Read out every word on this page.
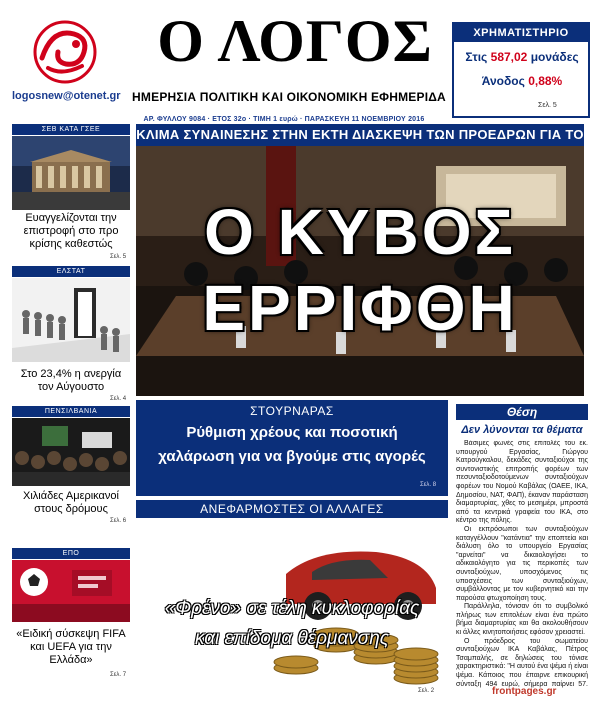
logosnew@otenet.gr
Ο ΛΟΓΟΣ
ΗΜΕΡΗΣΙΑ ΠΟΛΙΤΙΚΗ ΚΑΙ ΟΙΚΟΝΟΜΙΚΗ ΕΦΗΜΕΡΙΔΑ
ΧΡΗΜΑΤΙΣΤΗΡΙΟ
Στις 587,02 μονάδες
Άνοδος 0,88%
Σελ. 5
ΑΡ. ΦΥΛΛΟΥ 9084 · ΕΤΟΣ 32ο · ΤΙΜΗ 1 ευρώ · ΠΑΡΑΣΚΕΥΗ 11 ΝΟΕΜΒΡΙΟΥ 2016
ΣΕΒ ΚΑΤΑ ΓΣΕΕ
Ευαγγελίζονται την επιστροφή στο προ κρίσης καθεστώς
Σελ. 5
ΕΛΣΤΑΤ
Στο 23,4% η ανεργία τον Αύγουστο
Σελ. 4
ΠΕΝΣΙΛΒΑΝΙΑ
Χιλιάδες Αμερικανοί στους δρόμους
Σελ. 6
ΕΠΟ
«Ειδική σύσκεψη FIFA και UEFA για την Ελλάδα»
Σελ. 7
ΚΛΙΜΑ ΣΥΝΑΙΝΕΣΗΣ ΣΤΗΝ ΕΚΤΗ ΔΙΑΣΚΕΨΗ ΤΩΝ ΠΡΟΕΔΡΩΝ ΓΙΑ ΤΟ
Ο ΚΥΒΟΣ
ΕΡΡΙΦΘΗ
ΣΤΟΥΡΝΑΡΑΣ
Ρύθμιση χρέους και ποσοτική
χαλάρωση για να βγούμε στις αγορές
Σελ. 8
ΑΝΕΦΑΡΜΟΣΤΕΣ ΟΙ ΑΛΛΑΓΕΣ
«Φρένο» σε τέλη κυκλοφορίας
και επίδομα θέρμανσης
Σελ. 2
Θέση
Δεν λύνονται τα θέματα

Βάσιμες φωνές στις επιτολές του εκ. υπουργού Εργασίας, Γιώργου Κατρούγκαλου, δεκάδες συνταξιούχοι της συντονιστικής επιτροπής φορέων των πεσυνταξιοδοτούμενων συνταξιούχων φορέων του Νομού Καβάλας (ΟΑΕΕ, ΙΚΑ, Δημοσίου, ΝΑΤ, ΦΑΠ), έκαναν παράσταση διαμαρτυρίας, χθες το μεσημέρι, μπροστά από τα κεντρικά γραφεία του ΙΚΑ, στο κέντρο της πόλης.

Οι εκπρόσωποι των συνταξιούχων καταγγέλλουν "κατάντια" την εποπτεία και διάλυση όλο το υπουργείο Εργασίας "αρνείται" να δικαιολογήσει το αδικαιολόγητο για τις περικοπές των συνταξιούχων, υποσχόμενος τις υποσχέσεις των συνταξιούχων, συμβάλλοντας με τον κυβερνητικό και την παρούσα φτωχοποίηση τους.

Παράλληλα, τόνισαν ότι το συμβολικό πλήρως των επιτολέων είναι ένα πρώτο βήμα διαμαρτυρίας και θα ακολουθήσουν κι άλλες κινητοποιήσεις εφόσον χρειαστεί.

Ο πρόεδρος του σωματείου συνταξιούχων ΙΚΑ Καβάλας, Πέτρος Τσαμπαλής, σε δηλώσεις του τόνισε χαρακτηριστικά: "Η αυτού ένα ψέμα ή είναι ψέμα. Κάποιος που έπαιρνε επικουρική σύνταξη 494 ευρώ, σήμερα παίρνει 57.

frontpages.gr
